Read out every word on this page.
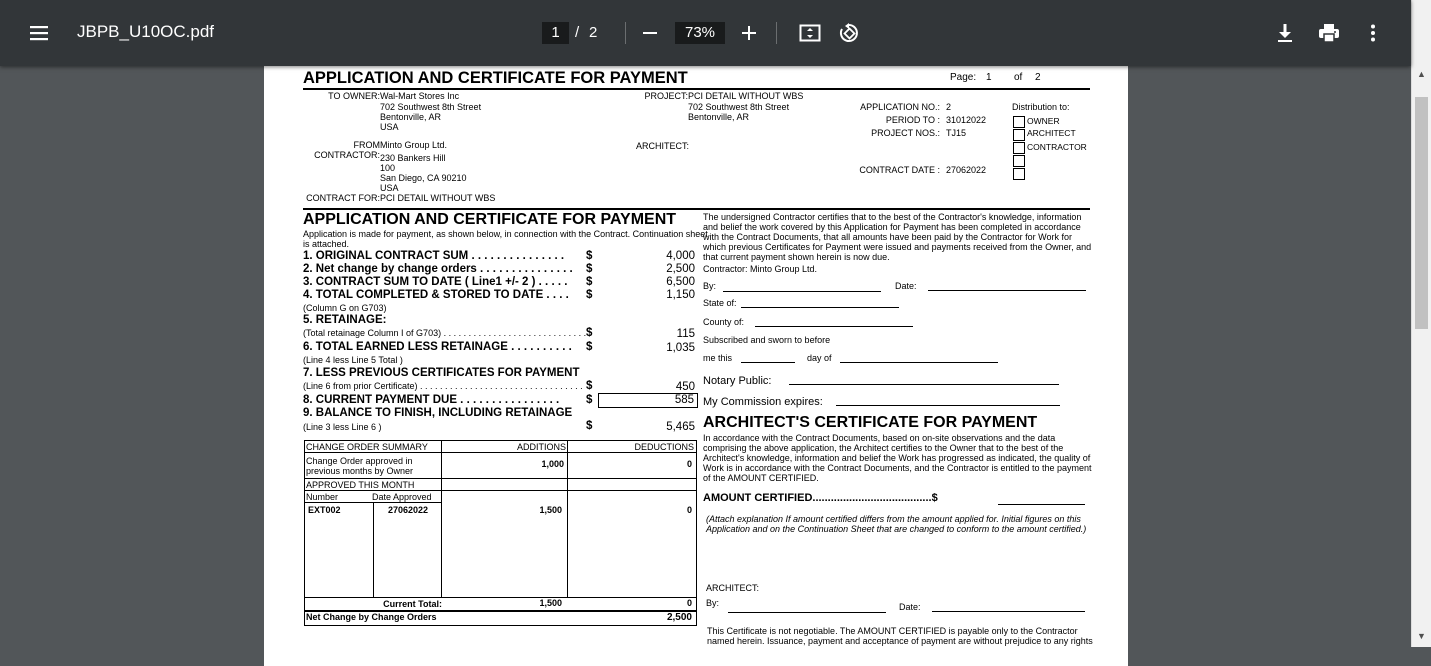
APPLICATION AND CERTIFICATE FOR PAYMENT	Page: 1 of 2
TO OWNER: Wal-Mart Stores Inc
702 Southwest 8th Street
Bentonville, AR
USA
PROJECT: PCI DETAIL WITHOUT WBS
702 Southwest 8th Street
Bentonville, AR
APPLICATION NO.: 2
PERIOD TO : 31012022
PROJECT NOS.: TJ15
CONTRACT DATE : 27062022
Distribution to:
OWNER
ARCHITECT
CONTRACTOR
FROM
CONTRACTOR:
Minto Group Ltd.
230 Bankers Hill
100
San Diego, CA 90210
USA
ARCHITECT:
CONTRACT FOR: PCI DETAIL WITHOUT WBS
APPLICATION AND CERTIFICATE FOR PAYMENT
Application is made for payment, as shown below, in connection with the Contract. Continuation sheet
is attached.
1. ORIGINAL CONTRACT SUM . . . . . . . . . . . . . . . $	4,000
2. Net change by change orders . . . . . . . . . . . . . . . $	2,500
3. CONTRACT SUM TO DATE ( Line1 +/- 2 ) . . . . . $	6,500
4. TOTAL COMPLETED & STORED TO DATE . . . . $	1,150
(Column G on G703)
5. RETAINAGE:
(Total retainage Column I of G703) . . . . . . . . . . . . . . . . . . . . . . . . . . . . . $	115
6. TOTAL EARNED LESS RETAINAGE . . . . . . . . . . $	1,035
(Line 4 less Line 5 Total )
7. LESS PREVIOUS CERTIFICATES FOR PAYMENT
(Line 6 from prior Certificate) . . . . . . . . . . . . . . . . . . . . . . . . . . . . . . . . . $	450
8. CURRENT PAYMENT DUE . . . . . . . . . . . . . . . . $	585
9. BALANCE TO FINISH, INCLUDING RETAINAGE
(Line 3 less Line 6 )	$	5,465
CHANGE ORDER SUMMARY	ADDITIONS	DEDUCTIONS
Change Order approved in
previous months by Owner
1,000	0
APPROVED THIS MONTH
Number	Date Approved
EXT002	27062022	1,500	0
Current Total:	1,500	0
Net Change by Change Orders	2,500
The undersigned Contractor certifies that to the best of the Contractor's knowledge, information
and belief the work covered by this Application for Payment has been completed in accordance
with the Contract Documents, that all amounts have been paid by the Contractor for Work for
which previous Certificates for Payment were issued and payments received from the Owner, and
that current payment shown herein is now due.
Contractor: Minto Group Ltd.
By:	Date:
State of:
County of:
Subscribed and sworn to before
me this	day of
Notary Public:
My Commission expires:
ARCHITECT'S CERTIFICATE FOR PAYMENT
In accordance with the Contract Documents, based on on-site observations and the data
comprising the above application, the Architect certifies to the Owner that to the best of the
Architect's knowledge, information and belief the Work has progressed as indicated, the quality of
Work is in accordance with the Contract Documents, and the Contractor is entitled to the payment
of the AMOUNT CERTIFIED.
AMOUNT CERTIFIED.......................................$
(Attach explanation If amount certified differs from the amount applied for. Initial figures on this
Application and on the Continuation Sheet that are changed to conform to the amount certified.)
ARCHITECT:
By:	Date:
This Certificate is not negotiable. The AMOUNT CERTIFIED is payable only to the Contractor
named herein. Issuance, payment and acceptance of payment are without prejudice to any rights
JBPB_U10OC.pdf	1	/ 2	73%
▲
▼
